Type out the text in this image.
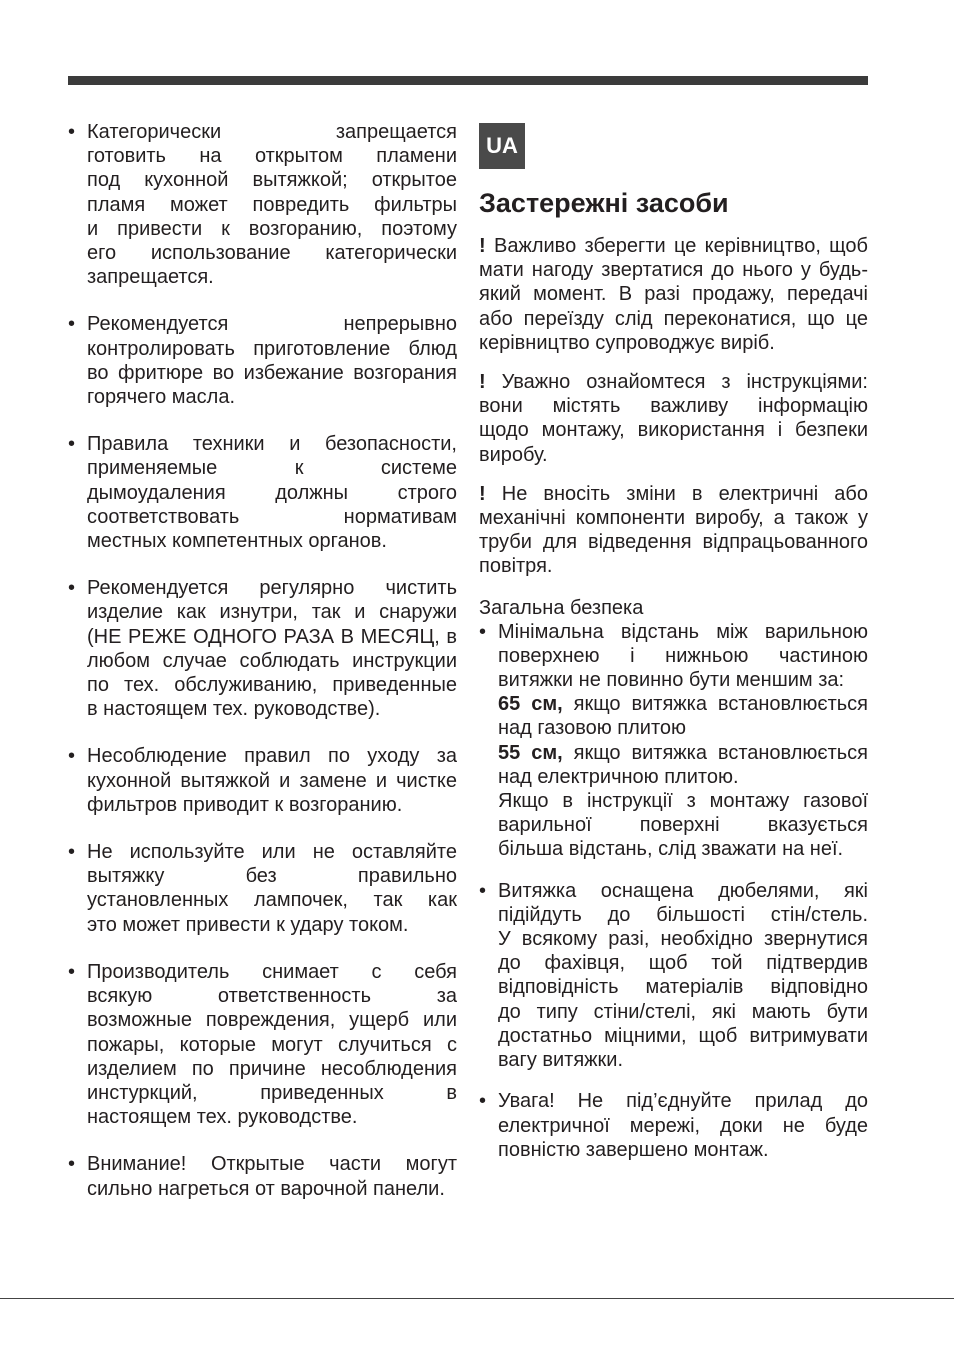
• Категорически запрещается
готовить на открытом пламени
под кухонной вытяжкой; открытое
пламя может повредить фильтры
и привести к возгоранию, поэтому
его использование категорически
запрещается.
• Рекомендуется непрерывно
контролировать приготовление блюд
во фритюре во избежание возгорания
горячего масла.
• Правила техники и безопасности,
применяемые к системе
дымоудаления должны строго
соответствовать нормативам
местных компетентных органов.
• Рекомендуется регулярно чистить
изделие как изнутри, так и снаружи
(НЕ РЕЖЕ ОДНОГО РАЗА В МЕСЯЦ, в
любом случае соблюдать инструкции
по тех. обслуживанию, приведенные
в настоящем тех. руководстве).
• Несоблюдение правил по уходу за
кухонной вытяжкой и замене и чистке
фильтров приводит к возгоранию.
• Не используйте или не оставляйте
вытяжку без правильно
установленных лампочек, так как
это может привести к удару током.
• Производитель снимает с себя
всякую ответственность за
возможные повреждения, ущерб или
пожары, которые могут случиться с
изделием по причине несоблюдения
инстуркций, приведенных в
настоящем тех. руководстве.
• Внимание! Открытые части могут
сильно нагреться от варочной панели.
UA
Застережні засоби
! Важливо зберегти це керівництво, щоб
мати нагоду звертатися до нього у будь-
який момент. В разі продажу, передачі
або переїзду слід переконатися, що це
керівництво супроводжує виріб.
! Уважно ознайомтеся з інструкціями:
вони містять важливу інформацію
щодо монтажу, використання і безпеки
виробу.
! Не вносіть зміни в електричні або
механічні компоненти виробу, а також у
труби для відведення відпрацьованного
повітря.
Загальна безпека
• Мінімальна відстань між варильною
поверхнею і нижньою частиною
витяжки не повинно бути меншим за:
65 см, якщо витяжка встановлюється
над газовою плитою
55 см, якщо витяжка встановлюється
над електричною плитою.
Якщо в інструкції з монтажу газової
варильної поверхні вказується
більша відстань, слід зважати на неї.
• Витяжка оснащена дюбелями, які
підійдуть до більшості стін/стель.
У всякому разі, необхідно звернутися
до фахівця, щоб той підтвердив
відповідність матеріалів відповідно
до типу стіни/стелі, які мають бути
достатньо міцними, щоб витримувати
вагу витяжки.
• Увага! Не під’єднуйте прилад до
електричної мережі, доки не буде
повністю завершено монтаж.
